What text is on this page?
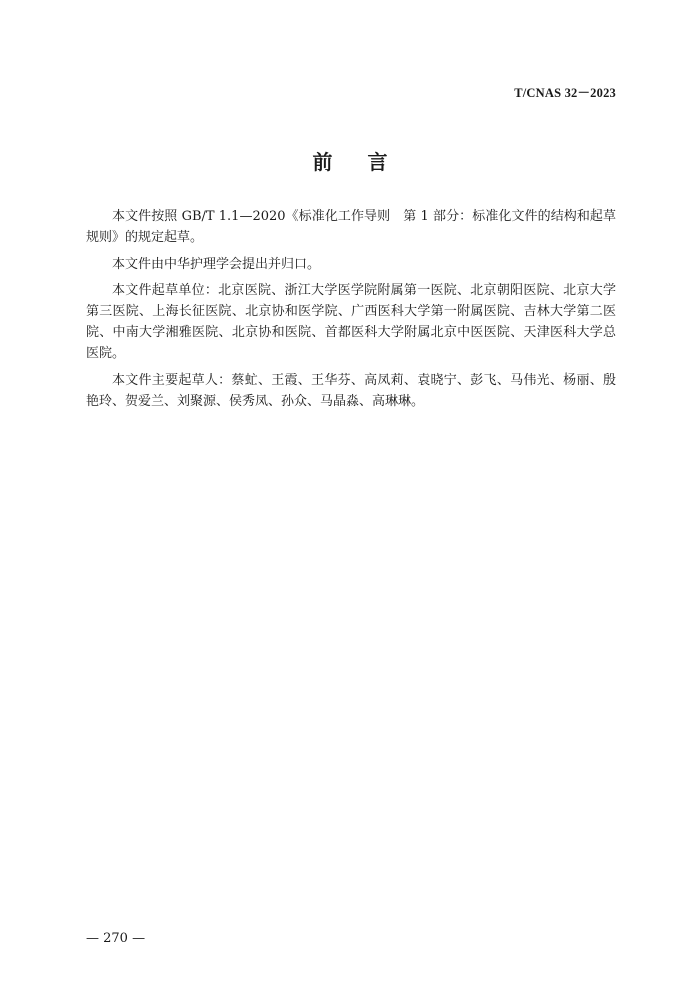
T/CNAS 32－2023
前 言

本文件按照 GB/T 1.1—2020《标准化工作导则　第 1 部分：标准化文件的结构和起草规则》的规定起草。

本文件由中华护理学会提出并归口。

本文件起草单位：北京医院、浙江大学医学院附属第一医院、北京朝阳医院、北京大学第三医院、上海长征医院、北京协和医学院、广西医科大学第一附属医院、吉林大学第二医院、中南大学湘雅医院、北京协和医院、首都医科大学附属北京中医医院、天津医科大学总医院。

本文件主要起草人：蔡虻、王霞、王华芬、高凤莉、袁晓宁、彭飞、马伟光、杨丽、殷艳玲、贺爱兰、刘聚源、侯秀凤、孙众、马晶淼、高琳琳。

— 270 —
